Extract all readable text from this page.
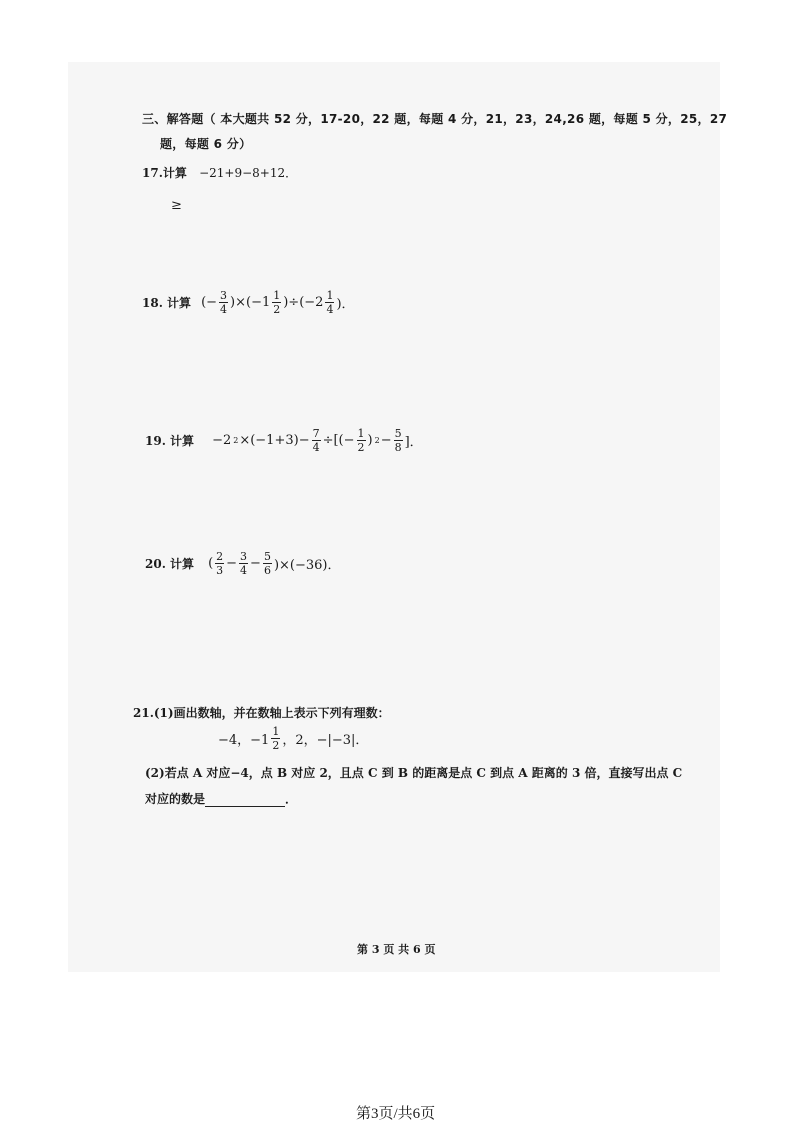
三、解答题（ 本大题共 52 分，17-20，22 题，每题 4 分，21，23，24,26 题，每题 5 分，25，27
题，每题 6 分）
17.计算 −21+9−8+12．
≥
18. 计算 (− $\frac{3}{4} )\times(-1 \frac{1}{2} )\div(-2 \frac{1}{4}$ )．
19. 计算 −2 $2 \times(-1+3)- \frac{7}{4}$ ÷[(− $\frac{1}{2}$ ) $2 - \frac{5}{8}$ ]．
20. 计算 ( $\frac{2}{3} - \frac{3}{4} - \frac{5}{6} )\times(-36)$．
21.(1)画出数轴，并在数轴上表示下列有理数：
−4，$-1 \frac{1}{2}$ ，2，−|−3|．
(2)若点 A 对应−4，点 B 对应 2，且点 C 到 B 的距离是点 C 到点 A 距离的 3 倍，直接写出点 C
对应的数是	．
第 3 页 共 6 页
第3页/共6页
